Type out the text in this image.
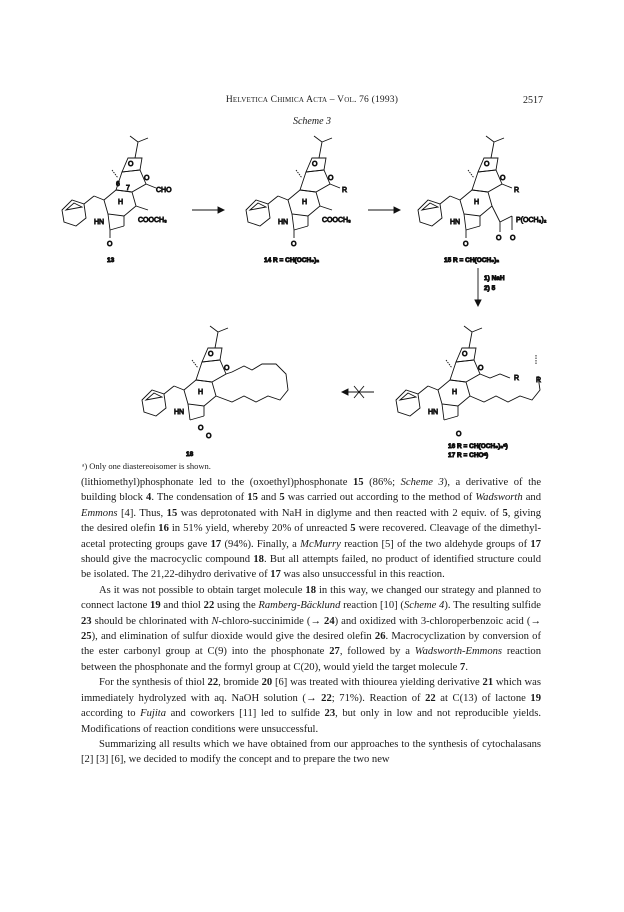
Helvetica Chimica Acta – Vol. 76 (1993)	2517
Scheme 3
O
O
6
7	CHO
HN
H
COOCH₃
O
13
O
O
R
HN
H
COOCH₃
O
14 R = CH(OCH₃)₂
O
O
R
HN
H
P(OCH₃)₂
O
O O
15 R = CH(OCH₃)₂
1) NaH
2) 5
O
O
HN
H
O
O
18
O
O
R R
HN
H
O
16 R = CH(OCH₃)₂ᵃ)
17 R = CHOᵃ)
ᵃ) Only one diastereoisomer is shown.

(lithiomethyl)phosphonate led to the (oxoethyl)phosphonate 15 (86%; Scheme 3), a derivative of the building block 4. The condensation of 15 and 5 was carried out according to the method of Wadsworth and Emmons [4]. Thus, 15 was deprotonated with NaH in diglyme and then reacted with 2 equiv. of 5, giving the desired olefin 16 in 51% yield, whereby 20% of unreacted 5 were recovered. Cleavage of the dimethyl-acetal protecting groups gave 17 (94%). Finally, a McMurry reaction [5] of the two aldehyde groups of 17 should give the macrocyclic compound 18. But all attempts failed, no product of identified structure could be isolated. The 21,22-dihydro derivative of 17 was also unsuccessful in this reaction.

As it was not possible to obtain target molecule 18 in this way, we changed our strategy and planned to connect lactone 19 and thiol 22 using the Ramberg-Bäcklund reaction [10] (Scheme 4). The resulting sulfide 23 should be chlorinated with N-chloro-succinimide (→ 24) and oxidized with 3-chloroperbenzoic acid (→ 25), and elimination of sulfur dioxide would give the desired olefin 26. Macrocyclization by conversion of the ester carbonyl group at C(9) into the phosphonate 27, followed by a Wadsworth-Emmons reaction between the phosphonate and the formyl group at C(20), would yield the target molecule 7.

For the synthesis of thiol 22, bromide 20 [6] was treated with thiourea yielding derivative 21 which was immediately hydrolyzed with aq. NaOH solution (→ 22; 71%). Reaction of 22 at C(13) of lactone 19 according to Fujita and coworkers [11] led to sulfide 23, but only in low and not reproducible yields. Modifications of reaction conditions were unsuccessful.

Summarizing all results which we have obtained from our approaches to the synthesis of cytochalasans [2] [3] [6], we decided to modify the concept and to prepare the two new
